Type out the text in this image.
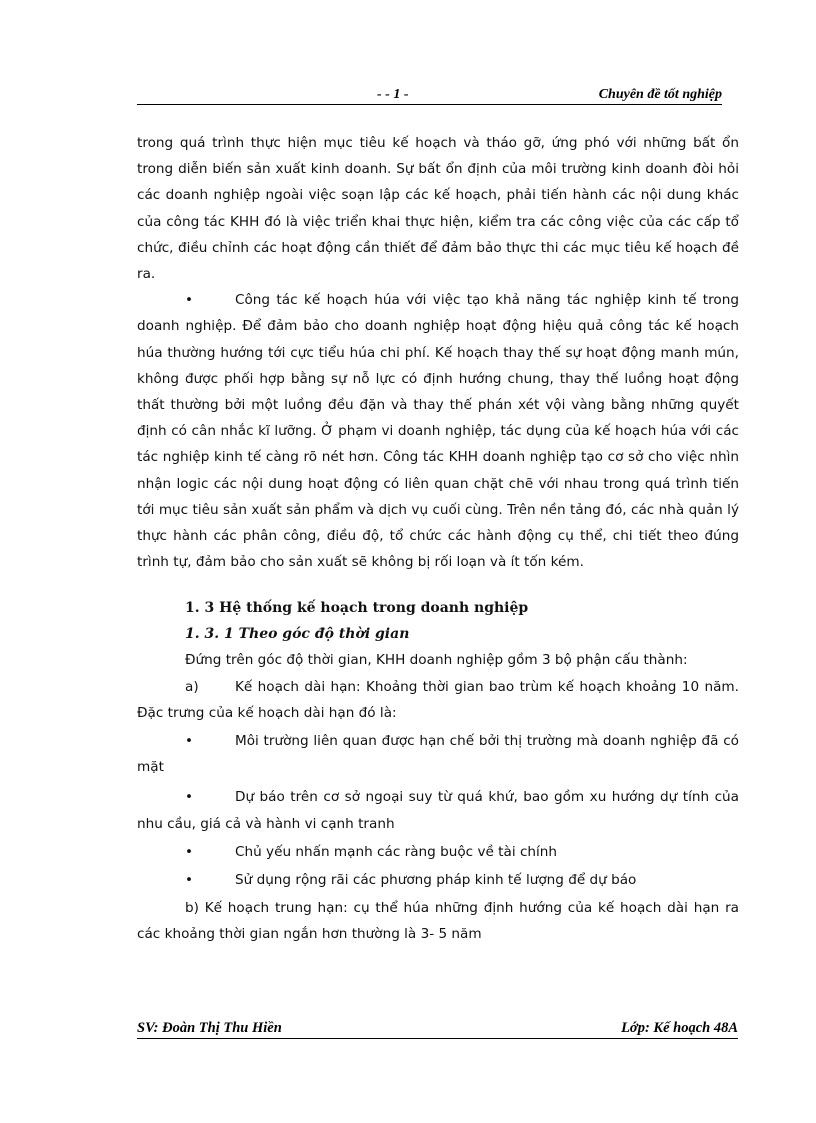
- - 1 -	Chuyên đề tốt nghiệp

trong quá trình thực hiện mục tiêu kế hoạch và tháo gỡ, ứng phó với những bất ổn trong diễn biến sản xuất kinh doanh. Sự bất ổn định của môi trường kinh doanh đòi hỏi các doanh nghiệp ngoài việc soạn lập các kế hoạch, phải tiến hành các nội dung khác của công tác KHH đó là việc triển khai thực hiện, kiểm tra các công việc của các cấp tổ chức, điều chỉnh các hoạt động cần thiết để đảm bảo thực thi các mục tiêu kế hoạch đề ra.

•	Công tác kế hoạch húa với việc tạo khả năng tác nghiệp kinh tế trong doanh nghiệp. Để đảm bảo cho doanh nghiệp hoạt động hiệu quả công tác kế hoạch húa thường hướng tới cực tiểu húa chi phí. Kế hoạch thay thế sự hoạt động manh mún, không được phối hợp bằng sự nỗ lực có định hướng chung, thay thế luồng hoạt động thất thường bởi một luồng đều đặn và thay thế phán xét vội vàng bằng những quyết định có cân nhắc kĩ lưỡng. Ở phạm vi doanh nghiệp, tác dụng của kế hoạch húa với các tác nghiệp kinh tế càng rõ nét hơn. Công tác KHH doanh nghiệp tạo cơ sở cho việc nhìn nhận logic các nội dung hoạt động có liên quan chặt chẽ với nhau trong quá trình tiến tới mục tiêu sản xuất sản phẩm và dịch vụ cuối cùng. Trên nền tảng đó, các nhà quản lý thực hành các phân công, điều độ, tổ chức các hành động cụ thể, chi tiết theo đúng trình tự, đảm bảo cho sản xuất sẽ không bị rối loạn và ít tốn kém.

1. 3 Hệ thống kế hoạch trong doanh nghiệp

1. 3. 1 Theo góc độ thời gian

Đứng trên góc độ thời gian, KHH doanh nghiệp gồm 3 bộ phận cấu thành:

a)	Kế hoạch dài hạn: Khoảng thời gian bao trùm kế hoạch khoảng 10 năm. Đặc trưng của kế hoạch dài hạn đó là:

•	Môi trường liên quan được hạn chế bởi thị trường mà doanh nghiệp đã có mặt

•	Dự báo trên cơ sở ngoại suy từ quá khứ, bao gồm xu hướng dự tính của nhu cầu, giá cả và hành vi cạnh tranh

•	Chủ yếu nhấn mạnh các ràng buộc về tài chính

•	Sử dụng rộng rãi các phương pháp kinh tế lượng để dự báo

b) Kế hoạch trung hạn: cụ thể húa những định hướng của kế hoạch dài hạn ra các khoảng thời gian ngắn hơn thường là 3- 5 năm

SV: Đoàn Thị Thu Hiền	Lớp: Kế hoạch 48A
